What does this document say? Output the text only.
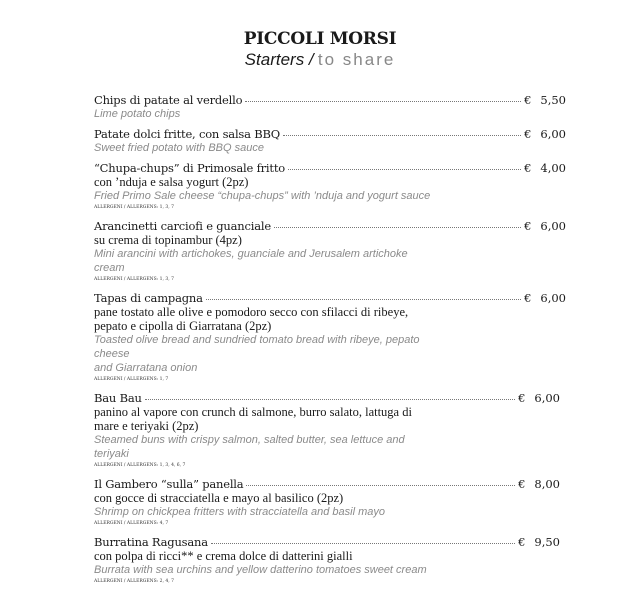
PICCOLI MORSI
Starters / to share
Chips di patate al verdello	€ 5,50
Lime potato chips
Patate dolci fritte, con salsa BBQ	€ 6,00
Sweet fried potato with BBQ sauce
“Chupa-chups” di Primosale fritto	€ 4,00
con ’nduja e salsa yogurt (2pz)
Fried Primo Sale cheese “chupa-chups” with ’nduja and yogurt sauce
ALLERGENI / ALLERGENS: 1, 3, 7
Arancinetti carciofi e guanciale	€ 6,00
su crema di topinambur (4pz)
Mini arancini with artichokes, guanciale and Jerusalem artichoke cream
ALLERGENI / ALLERGENS: 1, 3, 7
Tapas di campagna	€ 6,00
pane tostato alle olive e pomodoro secco con sfilacci di ribeye,
pepato e cipolla di Giarratana (2pz)
Toasted olive bread and sundried tomato bread with ribeye, pepato cheese
and Giarratana onion
ALLERGENI / ALLERGENS: 1, 7
Bau Bau	€ 6,00
panino al vapore con crunch di salmone, burro salato, lattuga di
mare e teriyaki (2pz)
Steamed buns with crispy salmon, salted butter, sea lettuce and teriyaki
ALLERGENI / ALLERGENS: 1, 3, 4, 6, 7
Il Gambero “sulla” panella	€ 8,00
con gocce di stracciatella e mayo al basilico (2pz)
Shrimp on chickpea fritters with stracciatella and basil mayo
ALLERGENI / ALLERGENS: 4, 7
Burratina Ragusana	€ 9,50
con polpa di ricci** e crema dolce di datterini gialli
Burrata with sea urchins and yellow datterino tomatoes sweet cream
ALLERGENI / ALLERGENS: 2, 4, 7
